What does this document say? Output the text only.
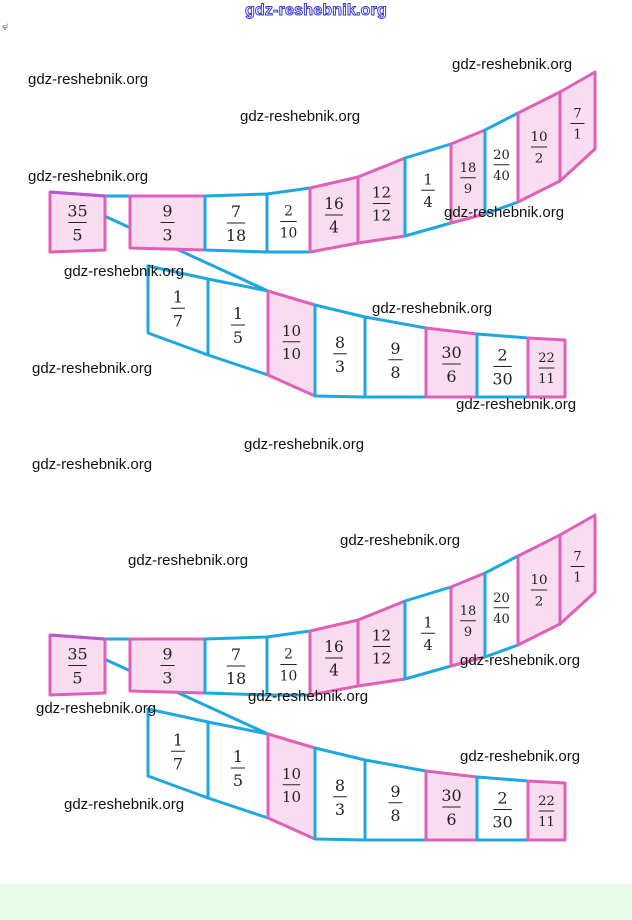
gdz-reshebnik.org
ಳ
35
5
9
3
7
18
2
10
16
4
12
12
1
4
18
9
20
40
10
2
7
1
1
7	1
5	10
10
8
3
9
8
30
6
2
30
22
11
35
5
9
3
7
18
2
10
16
4
12
12
1
4
18
9
20
40
10
2
7
1
1
7	1
5	10
10
8
3
9
8
30
6
2
30
22
11
gdz-reshebnik.org
gdz-reshebnik.org
gdz-reshebnik.org
gdz-reshebnik.org
gdz-reshebnik.org
gdz-reshebnik.org
gdz-reshebnik.org
gdz-reshebnik.org
gdz-reshebnik.org
gdz-reshebnik.org
gdz-reshebnik.org
gdz-reshebnik.org
gdz-reshebnik.org
gdz-reshebnik.org
gdz-reshebnik.org
gdz-reshebnik.org
gdz-reshebnik.org
gdz-reshebnik.org
